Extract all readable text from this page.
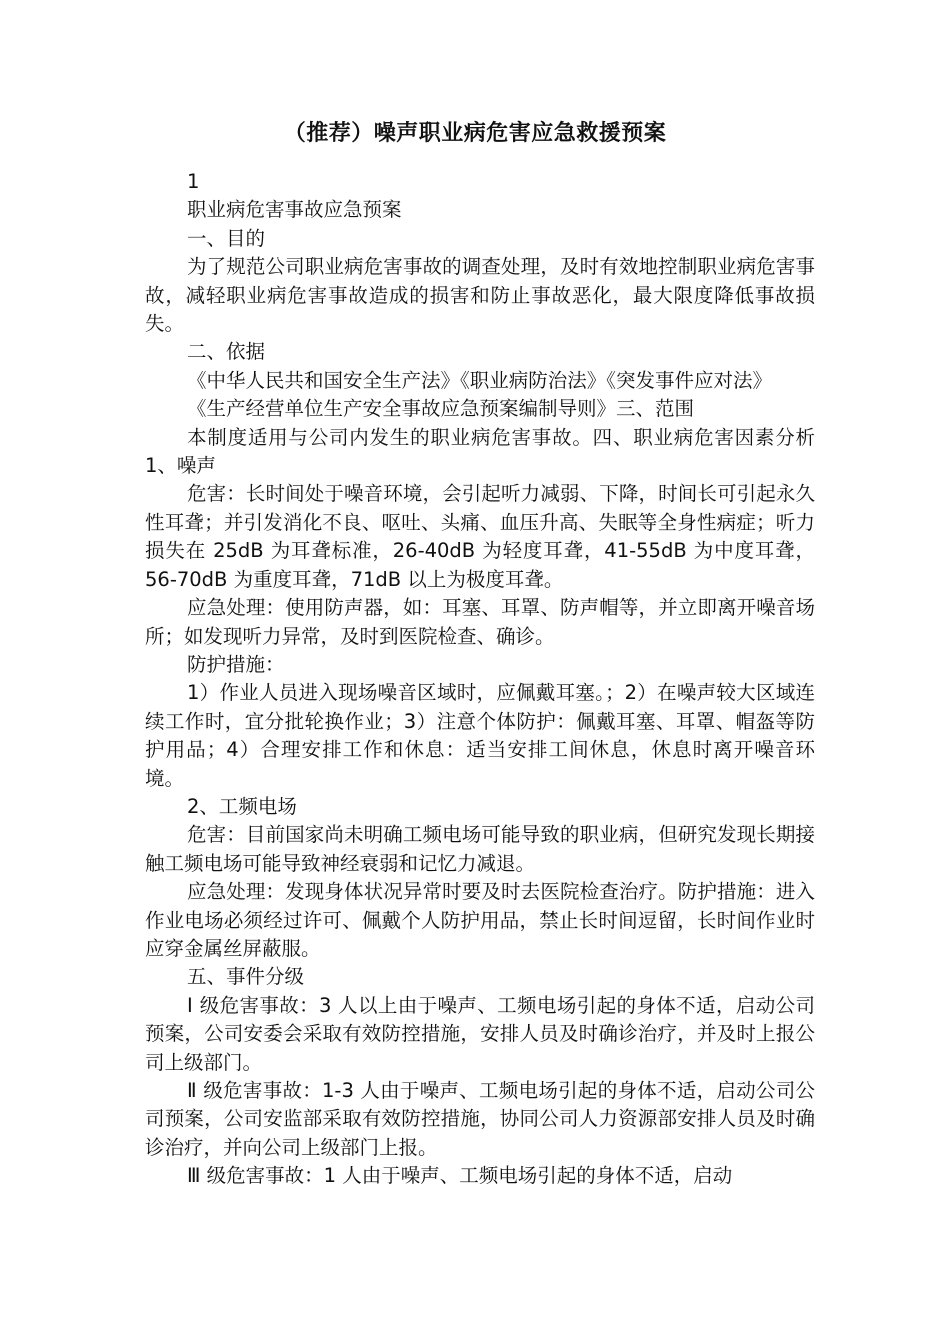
（推荐）噪声职业病危害应急救援预案

1

职业病危害事故应急预案

一、目的

为了规范公司职业病危害事故的调查处理，及时有效地控制职业病危害事故，减轻职业病危害事故造成的损害和防止事故恶化，最大限度降低事故损失。

二、依据

《中华人民共和国安全生产法》《职业病防治法》《突发事件应对法》

《生产经营单位生产安全事故应急预案编制导则》三、范围

本制度适用与公司内发生的职业病危害事故。四、职业病危害因素分析 1、噪声

危害：长时间处于噪音环境，会引起听力减弱、下降，时间长可引起永久性耳聋；并引发消化不良、呕吐、头痛、血压升高、失眠等全身性病症；听力损失在 25dB 为耳聋标准，26-40dB 为轻度耳聋，41-55dB 为中度耳聋，56-70dB 为重度耳聋，71dB 以上为极度耳聋。

应急处理：使用防声器，如：耳塞、耳罩、防声帽等，并立即离开噪音场所；如发现听力异常，及时到医院检查、确诊。

防护措施：

1）作业人员进入现场噪音区域时，应佩戴耳塞。；2）在噪声较大区域连续工作时，宜分批轮换作业；3）注意个体防护：佩戴耳塞、耳罩、帽盔等防护用品；4）合理安排工作和休息：适当安排工间休息，休息时离开噪音环境。

2、工频电场

危害：目前国家尚未明确工频电场可能导致的职业病，但研究发现长期接触工频电场可能导致神经衰弱和记忆力减退。

应急处理：发现身体状况异常时要及时去医院检查治疗。防护措施：进入作业电场必须经过许可、佩戴个人防护用品，禁止长时间逗留，长时间作业时应穿金属丝屏蔽服。

五、事件分级

Ⅰ 级危害事故：3 人以上由于噪声、工频电场引起的身体不适，启动公司预案，公司安委会采取有效防控措施，安排人员及时确诊治疗，并及时上报公司上级部门。

Ⅱ 级危害事故：1-3 人由于噪声、工频电场引起的身体不适，启动公司公司预案，公司安监部采取有效防控措施，协同公司人力资源部安排人员及时确诊治疗，并向公司上级部门上报。

Ⅲ 级危害事故：1 人由于噪声、工频电场引起的身体不适，启动
